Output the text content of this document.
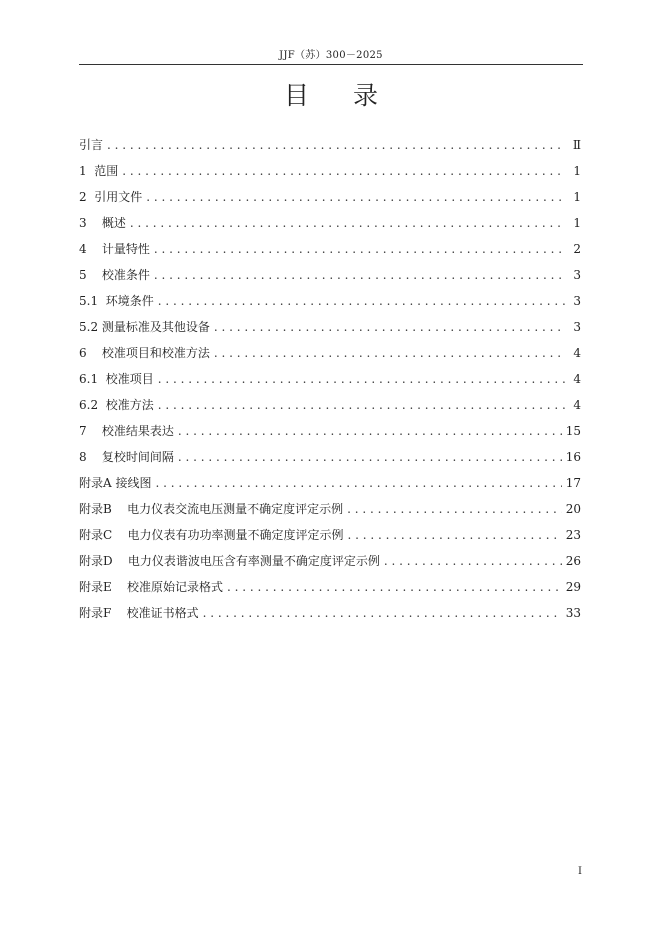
JJF（苏）300－2025
目录
引言 . . .	Ⅱ
1  范围 . . .	1
2  引用文件 . . .	1
3    概述 . . .	1
4    计量特性 . . .	2
5    校准条件 . . .	3
5.1  环境条件 . . .	3
5.2 测量标准及其他设备 . . .	3
6    校准项目和校准方法 . . .	4
6.1  校准项目 . . .	4
6.2  校准方法 . . .	4
7    校准结果表达 . . .	15
8    复校时间间隔 . . .	16
附录A 接线图 . . .	17
附录B    电力仪表交流电压测量不确定度评定示例 . . .	20
附录C    电力仪表有功功率测量不确定度评定示例 . . .	23
附录D    电力仪表谐波电压含有率测量不确定度评定示例 . . .	26
附录E    校准原始记录格式 . . .	29
附录F    校准证书格式 . . .	33
Ⅰ
